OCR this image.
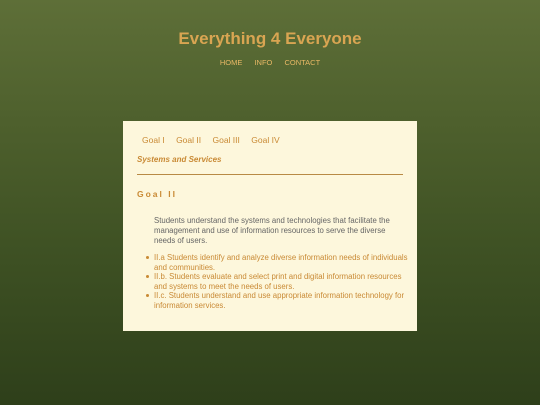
Everything 4 Everyone
HOME INFO CONTACT
Goal I Goal II Goal III Goal IV
Systems and Services
Goal II

Students understand the systems and technologies that facilitate the management and use of information resources to serve the diverse needs of users.

II.a Students identify and analyze diverse information needs of individuals and communities.
II.b. Students evaluate and select print and digital information resources and systems to meet the needs of users.
II.c. Students understand and use appropriate information technology for information services.
